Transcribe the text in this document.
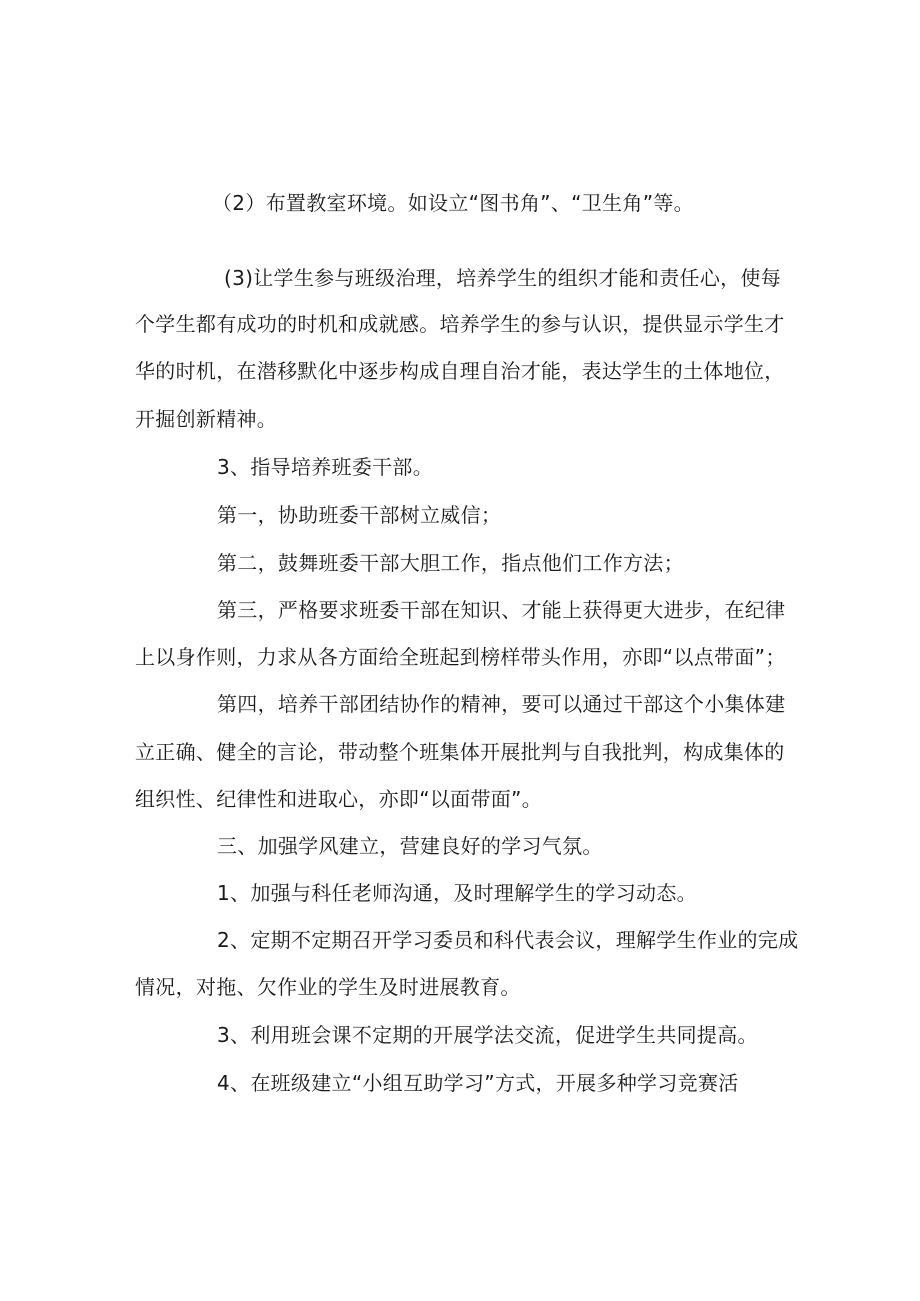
（2）布置教室环境。如设立“图书角”、“卫生角”等。
(3)让学生参与班级治理，培养学生的组织才能和责任心，使每
个学生都有成功的时机和成就感。培养学生的参与认识，提供显示学生才
华的时机，在潜移默化中逐步构成自理自治才能，表达学生的土体地位，
开掘创新精神。
3、指导培养班委干部。
第一，协助班委干部树立威信；
第二，鼓舞班委干部大胆工作，指点他们工作方法；
第三，严格要求班委干部在知识、才能上获得更大进步，在纪律
上以身作则，力求从各方面给全班起到榜样带头作用，亦即“以点带面”；
第四，培养干部团结协作的精神，要可以通过干部这个小集体建
立正确、健全的言论，带动整个班集体开展批判与自我批判，构成集体的
组织性、纪律性和进取心，亦即“以面带面”。
三、加强学风建立，营建良好的学习气氛。
1、加强与科任老师沟通，及时理解学生的学习动态。
2、定期不定期召开学习委员和科代表会议，理解学生作业的完成
情况，对拖、欠作业的学生及时进展教育。
3、利用班会课不定期的开展学法交流，促进学生共同提高。
4、在班级建立“小组互助学习”方式，开展多种学习竞赛活
